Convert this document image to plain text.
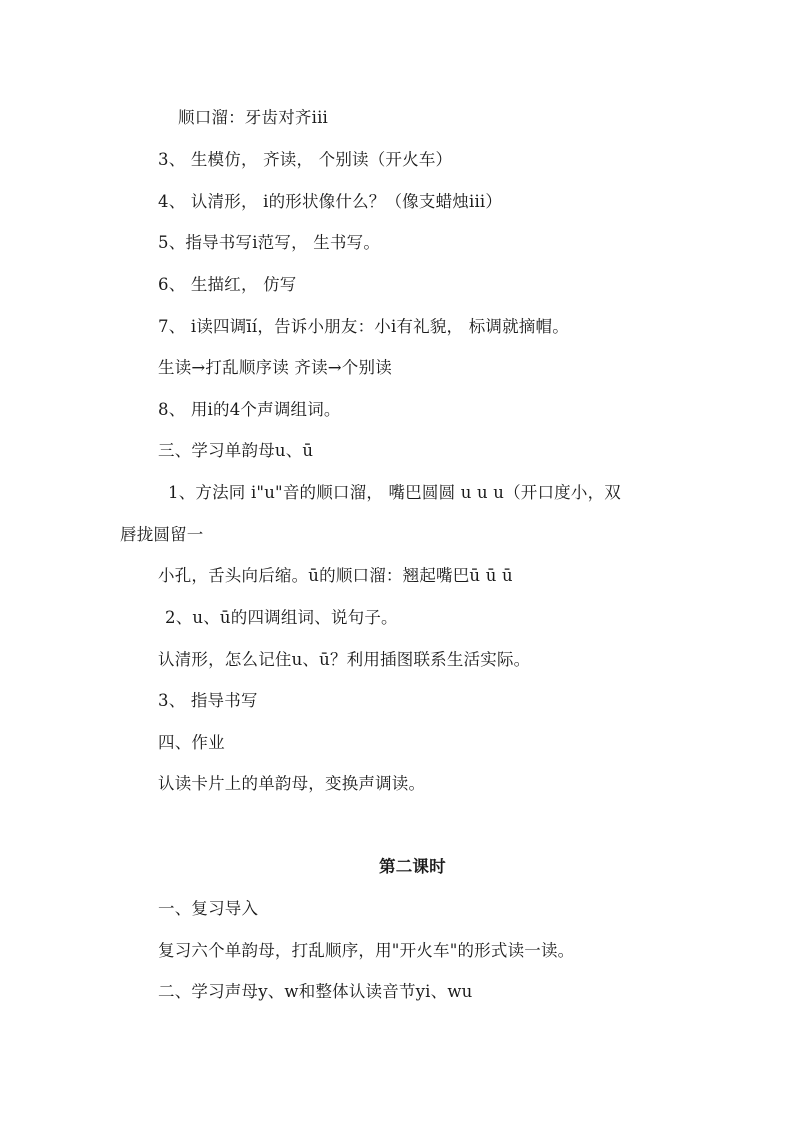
顺口溜：牙齿对齐iii
3、 生模仿， 齐读， 个别读（开火车）
4、 认清形， i的形状像什么？（像支蜡烛iii）
5、指导书写i范写， 生书写。
6、 生描红， 仿写
7、 i读四调īí，告诉小朋友：小i有礼貌， 标调就摘帽。
生读→打乱顺序读 齐读→个别读
8、 用i的4个声调组词。
三、学习单韵母u、ū
1、方法同 i"u"音的顺口溜， 嘴巴圆圆 u u u（开口度小，双
唇拢圆留一
小孔，舌头向后缩。ū的顺口溜：翘起嘴巴ū ū ū
2、u、ū的四调组词、说句子。
认清形，怎么记住u、ū？利用插图联系生活实际。
3、 指导书写
四、作业
认读卡片上的单韵母，变换声调读。
第二课时
一、复习导入
复习六个单韵母，打乱顺序，用"开火车"的形式读一读。
二、学习声母y、w和整体认读音节yi、wu
